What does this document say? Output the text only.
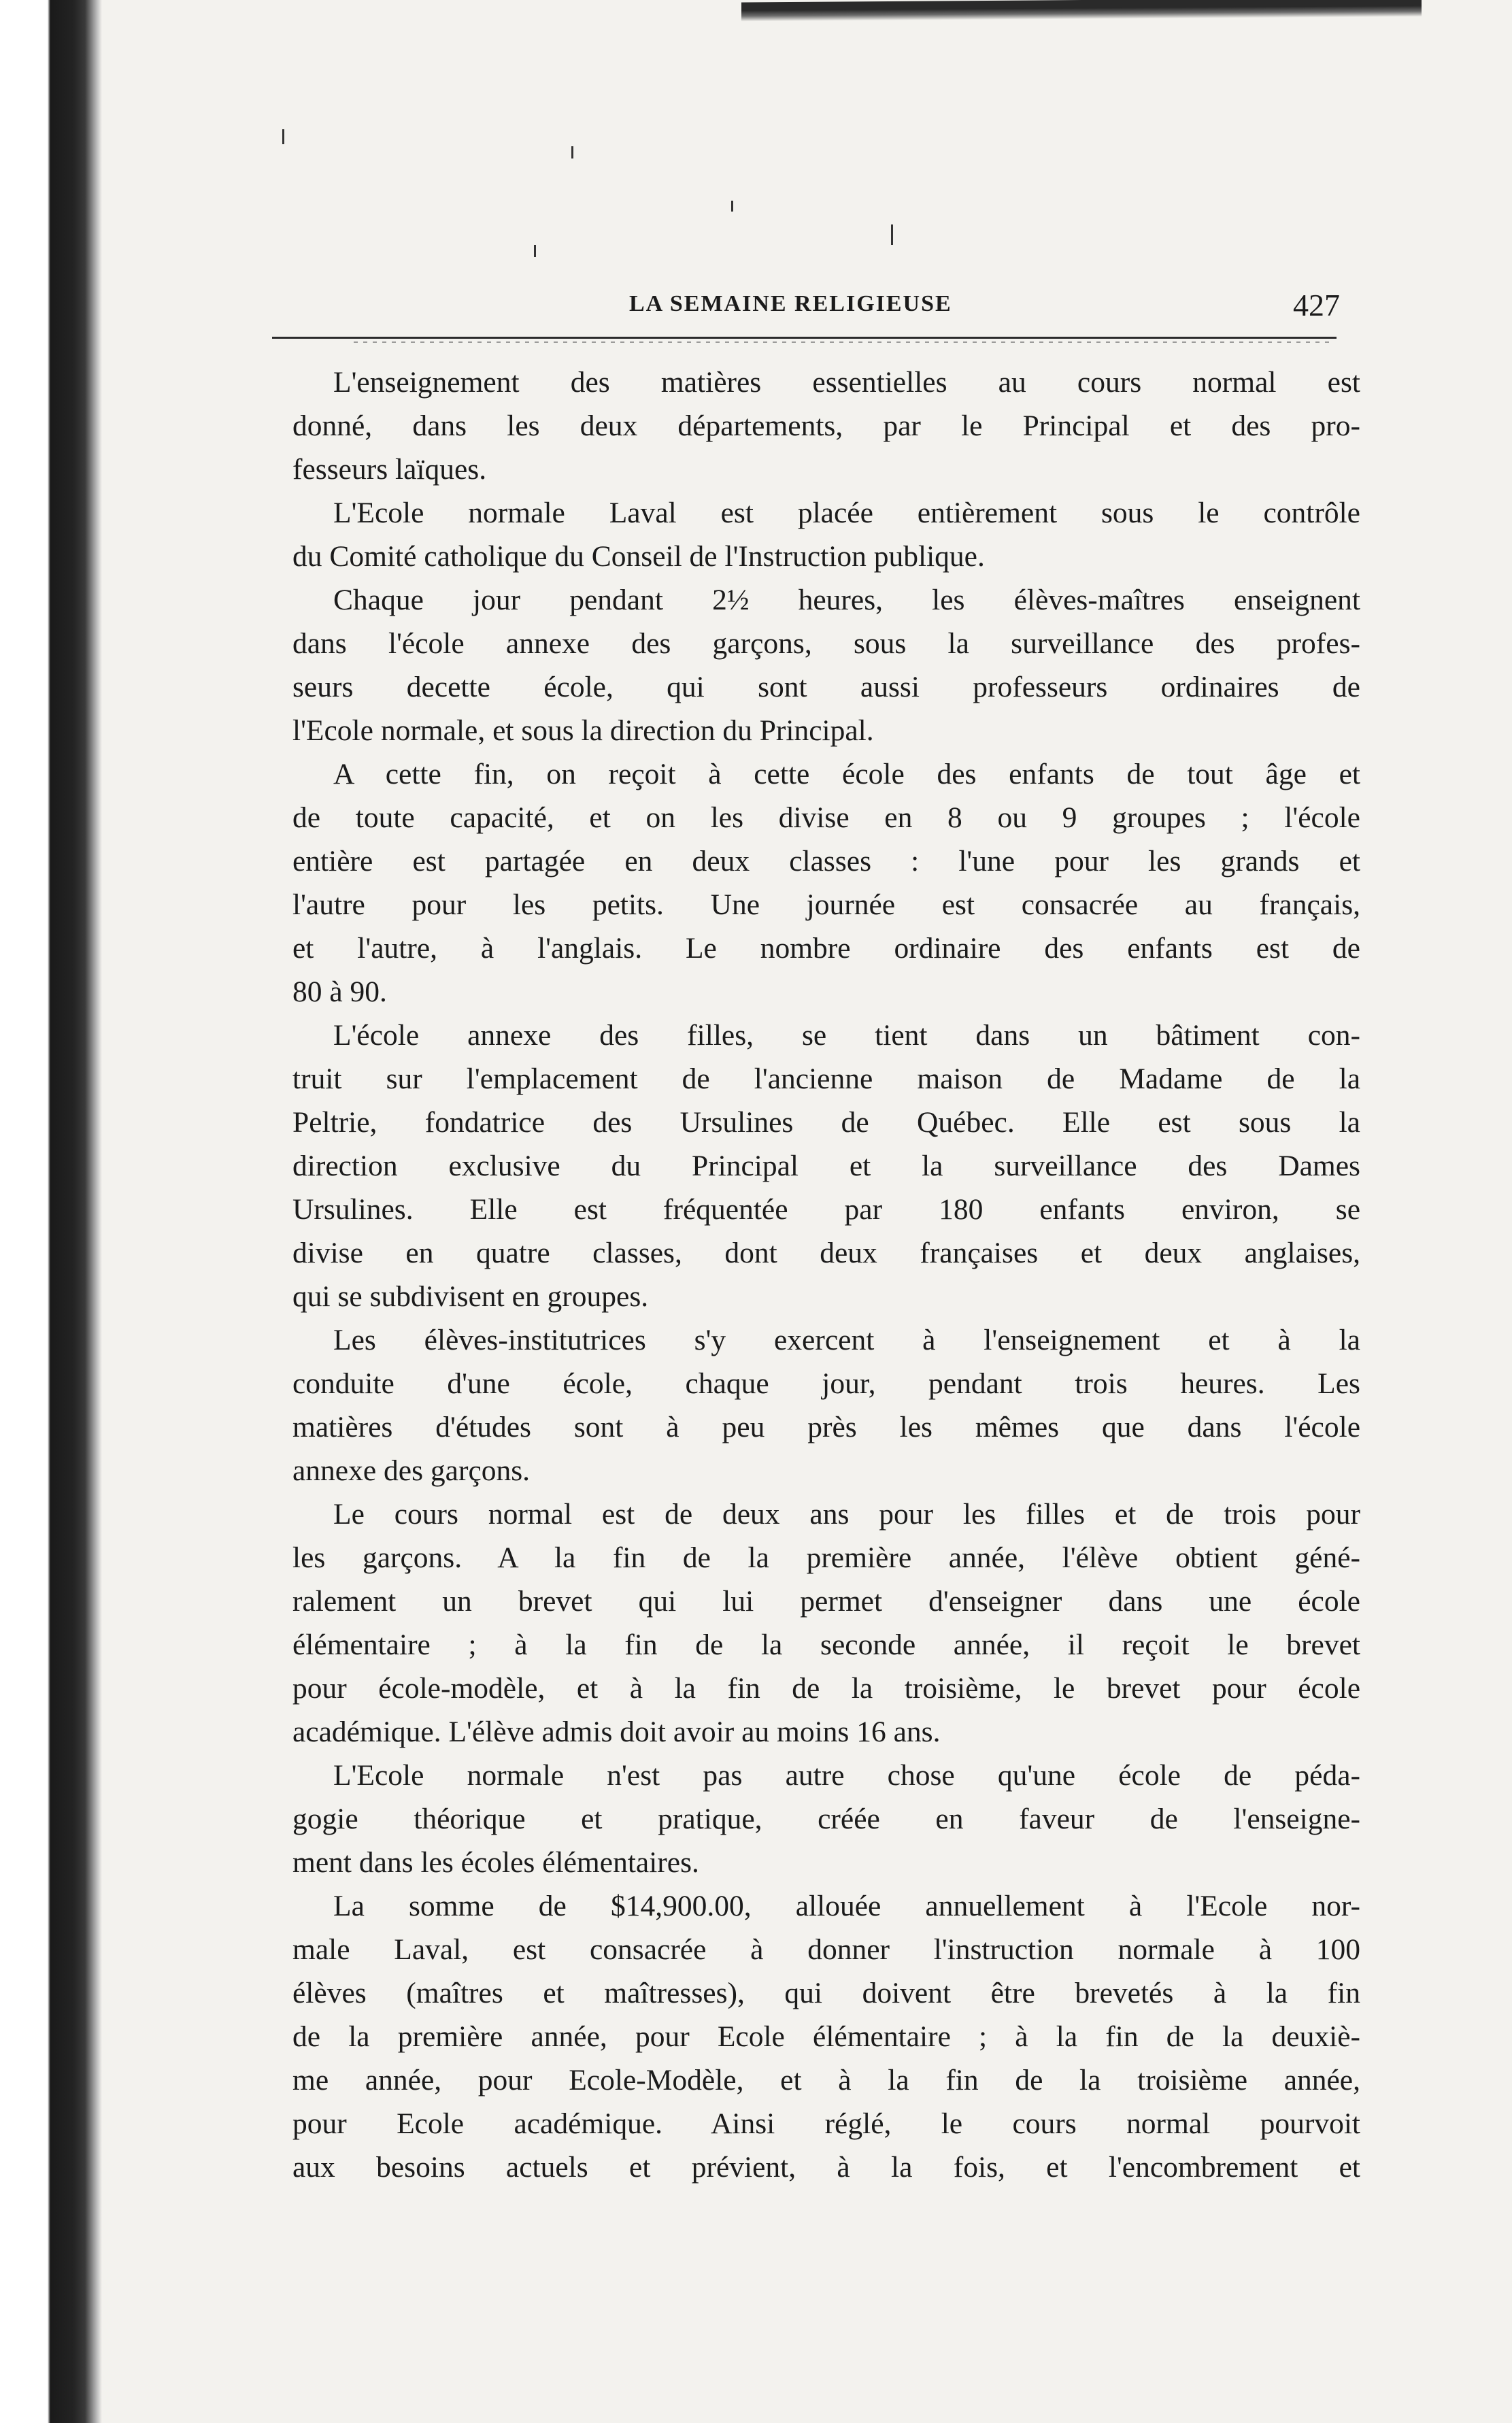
LA SEMAINE RELIGIEUSE	427
L'enseignement des matières essentielles au cours normal est
donné, dans les deux départements, par le Principal et des pro-
fesseurs laïques.
L'Ecole normale Laval est placée entièrement sous le contrôle
du Comité catholique du Conseil de l'Instruction publique.
Chaque jour pendant 2½ heures, les élèves-maîtres enseignent
dans l'école annexe des garçons, sous la surveillance des profes-
seurs decette école, qui sont aussi professeurs ordinaires de
l'Ecole normale, et sous la direction du Principal.
A cette fin, on reçoit à cette école des enfants de tout âge et
de toute capacité, et on les divise en 8 ou 9 groupes ; l'école
entière est partagée en deux classes : l'une pour les grands et
l'autre pour les petits. Une journée est consacrée au français,
et l'autre, à l'anglais. Le nombre ordinaire des enfants est de
80 à 90.
L'école annexe des filles, se tient dans un bâtiment con-
truit sur l'emplacement de l'ancienne maison de Madame de la
Peltrie, fondatrice des Ursulines de Québec. Elle est sous la
direction exclusive du Principal et la surveillance des Dames
Ursulines. Elle est fréquentée par 180 enfants environ, se
divise en quatre classes, dont deux françaises et deux anglaises,
qui se subdivisent en groupes.
Les élèves-institutrices s'y exercent à l'enseignement et à la
conduite d'une école, chaque jour, pendant trois heures. Les
matières d'études sont à peu près les mêmes que dans l'école
annexe des garçons.
Le cours normal est de deux ans pour les filles et de trois pour
les garçons. A la fin de la première année, l'élève obtient géné-
ralement un brevet qui lui permet d'enseigner dans une école
élémentaire ; à la fin de la seconde année, il reçoit le brevet
pour école-modèle, et à la fin de la troisième, le brevet pour école
académique. L'élève admis doit avoir au moins 16 ans.
L'Ecole normale n'est pas autre chose qu'une école de péda-
gogie théorique et pratique, créée en faveur de l'enseigne-
ment dans les écoles élémentaires.
La somme de $14,900.00, allouée annuellement à l'Ecole nor-
male Laval, est consacrée à donner l'instruction normale à 100
élèves (maîtres et maîtresses), qui doivent être brevetés à la fin
de la première année, pour Ecole élémentaire ; à la fin de la deuxiè-
me année, pour Ecole-Modèle, et à la fin de la troisième année,
pour Ecole académique. Ainsi réglé, le cours normal pourvoit
aux besoins actuels et prévient, à la fois, et l'encombrement et
